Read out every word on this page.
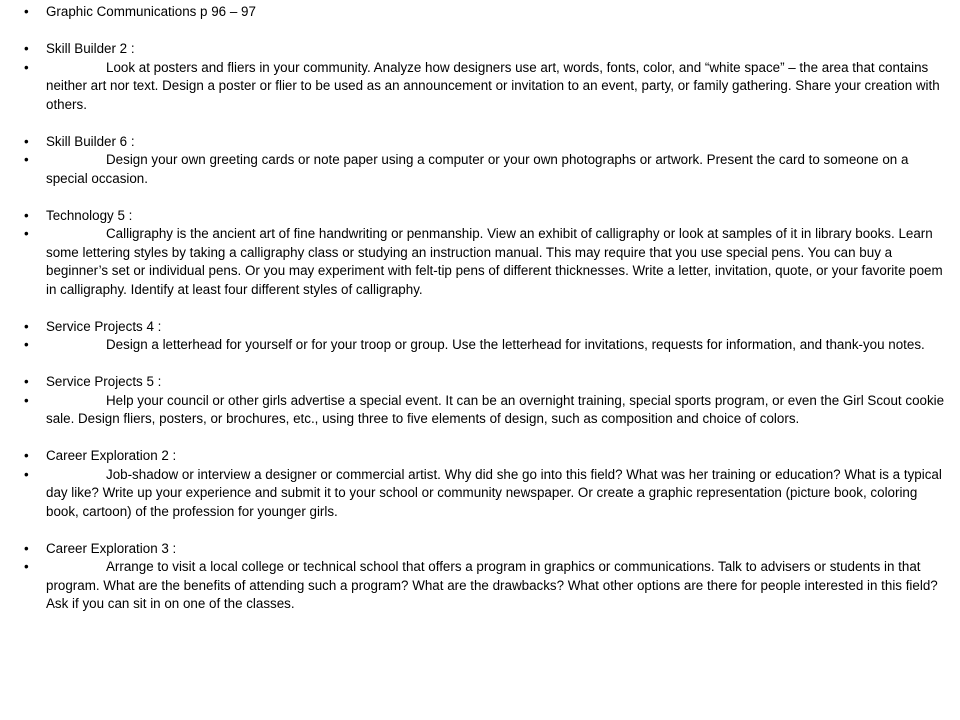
•	Graphic Communications p 96 – 97
•	Skill Builder 2 :
•	Look at posters and fliers in your community. Analyze how designers use art, words, fonts, color, and “white space” – the area that contains neither art nor text. Design a poster or flier to be used as an announcement or invitation to an event, party, or family gathering. Share your creation with others.
•	Skill Builder 6 :
•	Design your own greeting cards or note paper using a computer or your own photographs or artwork. Present the card to someone on a special occasion.
•	Technology 5 :
•	Calligraphy is the ancient art of fine handwriting or penmanship. View an exhibit of calligraphy or look at samples of it in library books. Learn some lettering styles by taking a calligraphy class or studying an instruction manual. This may require that you use special pens. You can buy a beginner’s set or individual pens. Or you may experiment with felt-tip pens of different thicknesses. Write a letter, invitation, quote, or your favorite poem in calligraphy. Identify at least four different styles of calligraphy.
•	Service Projects 4 :
•	Design a letterhead for yourself or for your troop or group. Use the letterhead for invitations, requests for information, and thank-you notes.
•	Service Projects 5 :
•	Help your council or other girls advertise a special event. It can be an overnight training, special sports program, or even the Girl Scout cookie sale. Design fliers, posters, or brochures, etc., using three to five elements of design, such as composition and choice of colors.
•	Career Exploration 2 :
•	Job-shadow or interview a designer or commercial artist. Why did she go into this field? What was her training or education? What is a typical day like? Write up your experience and submit it to your school or community newspaper. Or create a graphic representation (picture book, coloring book, cartoon) of the profession for younger girls.
•	Career Exploration 3 :
•	Arrange to visit a local college or technical school that offers a program in graphics or communications. Talk to advisers or students in that program. What are the benefits of attending such a program? What are the drawbacks? What other options are there for people interested in this field? Ask if you can sit in on one of the classes.
